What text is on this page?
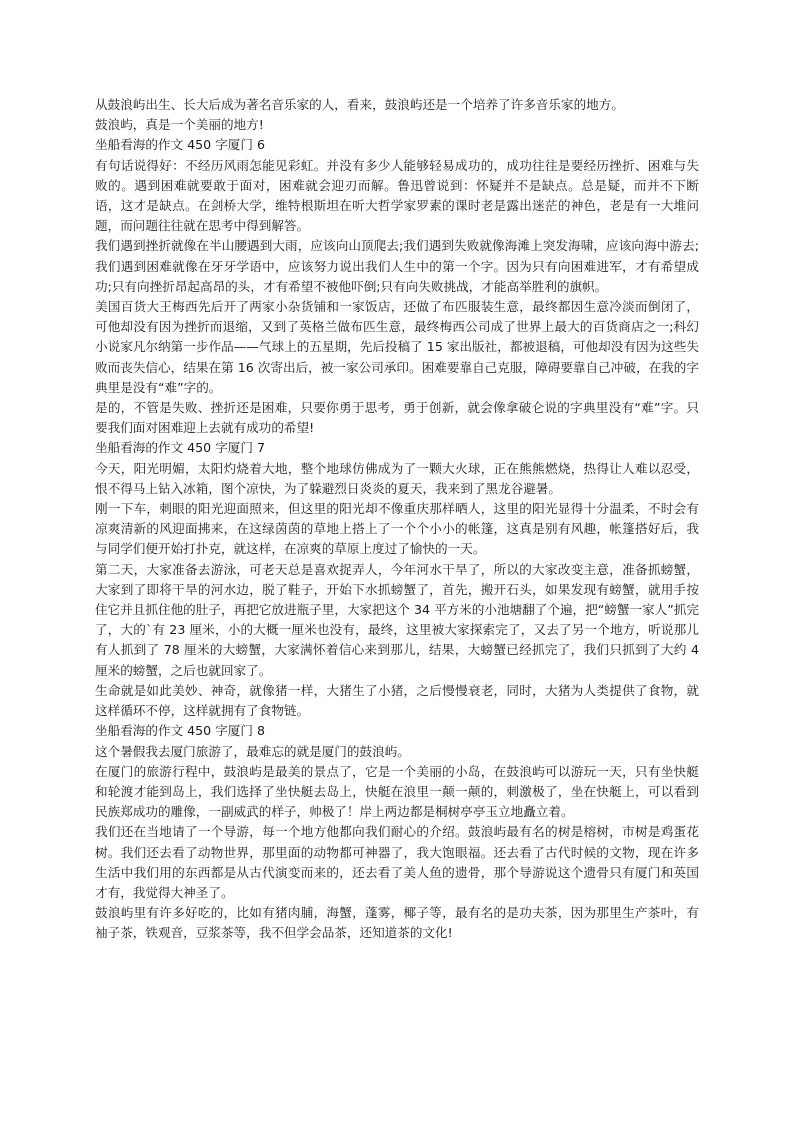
从鼓浪屿出生、长大后成为著名音乐家的人，看来，鼓浪屿还是一个培养了许多音乐家的地方。

鼓浪屿，真是一个美丽的地方!

坐船看海的作文 450 字厦门 6

有句话说得好：不经历风雨怎能见彩虹。并没有多少人能够轻易成功的，成功往往是要经历挫折、困难与失败的。遇到困难就要敢于面对，困难就会迎刃而解。鲁迅曾说到：怀疑并不是缺点。总是疑，而并不下断语，这才是缺点。在剑桥大学，维特根斯坦在听大哲学家罗素的课时老是露出迷茫的神色，老是有一大堆问题，而问题往往就在思考中得到解答。

我们遇到挫折就像在半山腰遇到大雨，应该向山顶爬去;我们遇到失败就像海滩上突发海啸，应该向海中游去;我们遇到困难就像在牙牙学语中，应该努力说出我们人生中的第一个字。因为只有向困难进军，才有希望成功;只有向挫折昂起高昂的头，才有希望不被他吓倒;只有向失败挑战，才能高举胜利的旗帜。

美国百货大王梅西先后开了两家小杂货铺和一家饭店，还做了布匹服装生意，最终都因生意冷淡而倒闭了，可他却没有因为挫折而退缩，又到了英格兰做布匹生意，最终梅西公司成了世界上最大的百货商店之一;科幻小说家凡尔纳第一步作品——气球上的五星期，先后投稿了 15 家出版社，都被退稿，可他却没有因为这些失败而丧失信心，结果在第 16 次寄出后，被一家公司承印。困难要靠自己克服，障碍要靠自己冲破，在我的字典里是没有“难”字的。

是的，不管是失败、挫折还是困难，只要你勇于思考，勇于创新，就会像拿破仑说的字典里没有“难”字。只要我们面对困难迎上去就有成功的希望!

坐船看海的作文 450 字厦门 7

今天，阳光明媚，太阳灼烧着大地，整个地球仿佛成为了一颗大火球，正在熊熊燃烧，热得让人难以忍受，恨不得马上钻入冰箱，图个凉快，为了躲避烈日炎炎的夏天，我来到了黑龙谷避暑。

刚一下车，刺眼的阳光迎面照来，但这里的阳光却不像重庆那样晒人，这里的阳光显得十分温柔，不时会有凉爽清新的风迎面拂来，在这绿茵茵的草地上搭上了一个个小小的帐篷，这真是别有风趣，帐篷搭好后，我与同学们便开始打扑克，就这样，在凉爽的草原上度过了愉快的一天。

第二天，大家准备去游泳，可老天总是喜欢捉弄人，今年河水干旱了，所以的大家改变主意，准备抓螃蟹，大家到了即将干旱的河水边，脱了鞋子，开始下水抓螃蟹了，首先，搬开石头，如果发现有螃蟹，就用手按住它并且抓住他的肚子，再把它放进瓶子里，大家把这个 34 平方米的小池塘翻了个遍，把“螃蟹一家人”抓完了，大的`有 23 厘米，小的大概一厘米也没有，最终，这里被大家探索完了，又去了另一个地方，听说那儿有人抓到了 78 厘米的大螃蟹，大家满怀着信心来到那儿，结果，大螃蟹已经抓完了，我们只抓到了大约 4 厘米的螃蟹，之后也就回家了。

生命就是如此美妙、神奇，就像猪一样，大猪生了小猪，之后慢慢衰老，同时，大猪为人类提供了食物，就这样循环不停，这样就拥有了食物链。

坐船看海的作文 450 字厦门 8

这个暑假我去厦门旅游了，最难忘的就是厦门的鼓浪屿。

在厦门的旅游行程中，鼓浪屿是最美的景点了，它是一个美丽的小岛，在鼓浪屿可以游玩一天，只有坐快艇和轮渡才能到岛上，我们选择了坐快艇去岛上，快艇在浪里一颠一颠的，刺激极了，坐在快艇上，可以看到民族郑成功的雕像，一副威武的样子，帅极了！岸上两边都是桐树亭亭玉立地矗立着。

我们还在当地请了一个导游，每一个地方他都向我们耐心的介绍。鼓浪屿最有名的树是榕树，市树是鸡蛋花树。我们还去看了动物世界，那里面的动物都可神器了，我大饱眼福。还去看了古代时候的文物，现在许多生活中我们用的东西都是从古代演变而来的，还去看了美人鱼的遗骨，那个导游说这个遗骨只有厦门和英国才有，我觉得大神圣了。

鼓浪屿里有许多好吃的，比如有猪肉脯，海蟹，蓬雾，椰子等，最有名的是功夫茶，因为那里生产茶叶，有袖子茶，铁观音，豆浆茶等，我不但学会品茶，还知道茶的文化!
